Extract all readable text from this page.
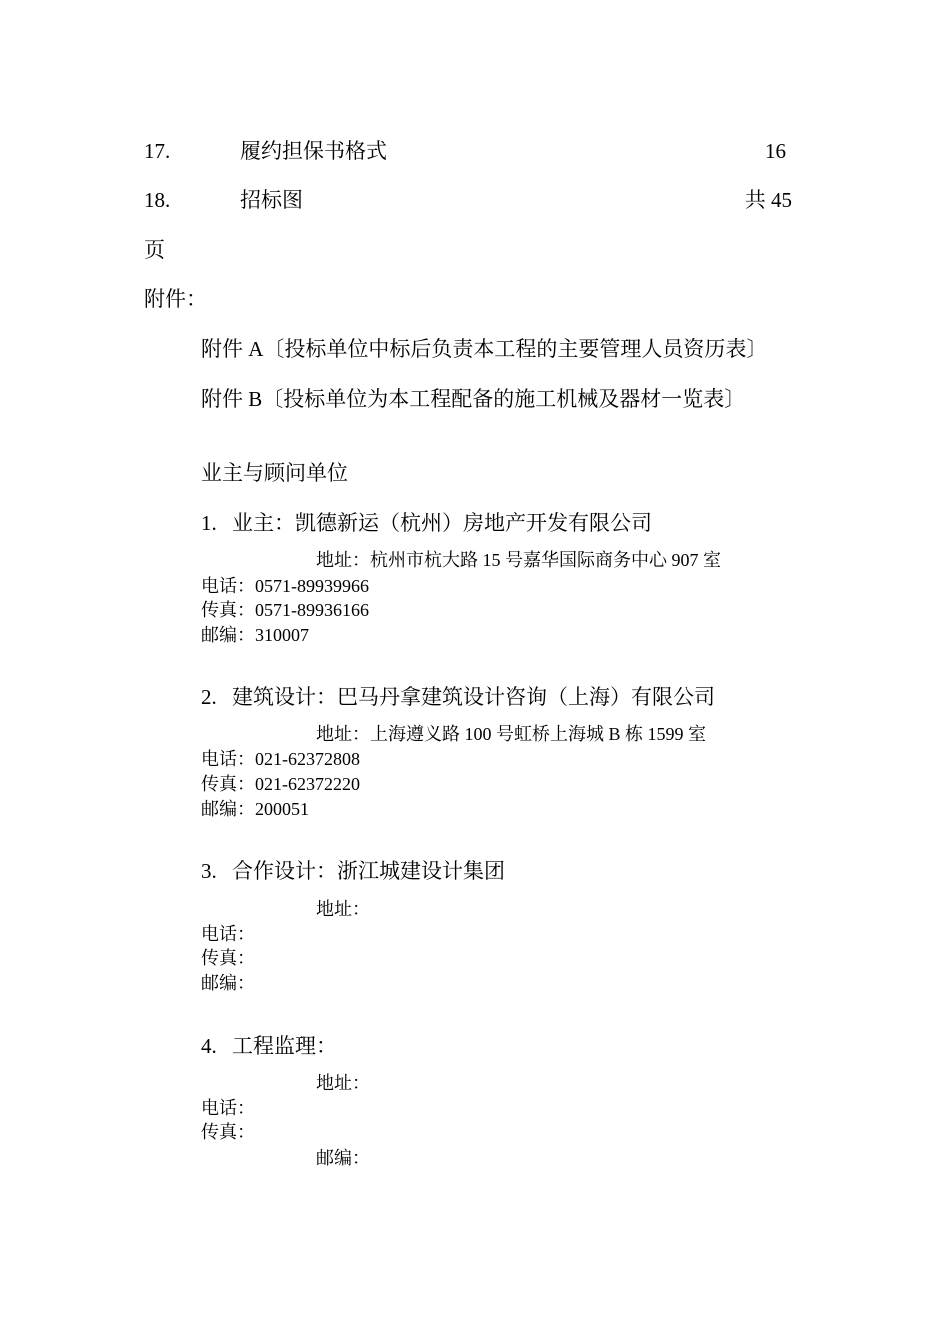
17.	履约担保书格式	16
18.	招标图	共 45
页
附件：
附件 A〔投标单位中标后负责本工程的主要管理人员资历表〕
附件 B〔投标单位为本工程配备的施工机械及器材一览表〕
业主与顾问单位
1. 业主：凯德新运（杭州）房地产开发有限公司
地址：杭州市杭大路 15 号嘉华国际商务中心 907 室
电话：0571-89939966
传真：0571-89936166
邮编：310007
2. 建筑设计：巴马丹拿建筑设计咨询（上海）有限公司
地址：上海遵义路 100 号虹桥上海城 B 栋 1599 室
电话：021-62372808
传真：021-62372220
邮编：200051
3. 合作设计：浙江城建设计集团
地址：
电话：
传真：
邮编：
4. 工程监理：
地址：
电话：
传真：
邮编：
